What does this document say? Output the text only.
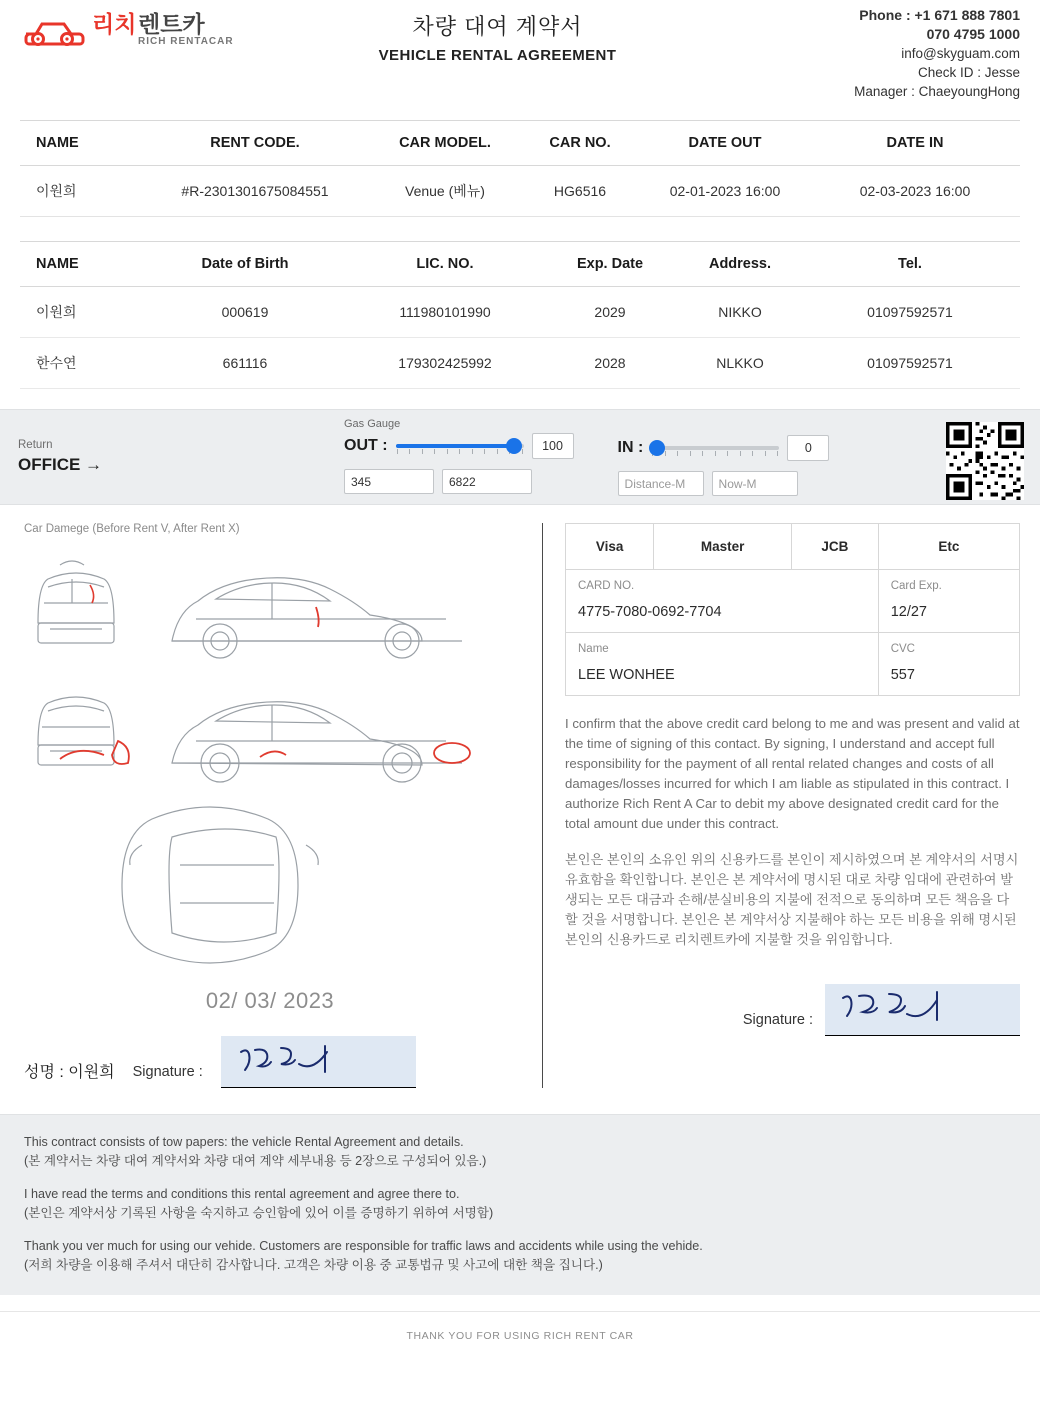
리치 렌트카
RICH RENTACAR
차량 대여 계약서
VEHICLE RENTAL AGREEMENT
Phone : +1 671 888 7801
070 4795 1000
info@skyguam.com
Check ID : Jesse
Manager : ChaeyoungHong
NAME	RENT CODE.	CAR MODEL.	CAR NO.	DATE OUT	DATE IN
이원희	#R-2301301675084551	Venue (베뉴)	HG6516	02-01-2023 16:00	02-03-2023 16:00
NAME	Date of Birth	LIC. NO.	Exp. Date	Address.	Tel.
이원희	000619	111980101990	2029	NIKKO	01097592571
한수연	661116	179302425992	2028	NLKKO	01097592571
Return
OFFICE →
Gas Gauge
OUT :	100
345	6822
IN :	0
Distance-M	Now-M
Car Damege (Before Rent V, After Rent X)
02/ 03/ 2023
성명 : 이원희 Signature :
Visa	Master	JCB	Etc

CARD NO.
4775-7080-0692-7704

Card Exp.
12/27

Name
LEE WONHEE

CVC
557
I confirm that the above credit card belong to me and was present and valid at the time of signing of this contact. By signing, I understand and accept full responsibility for the payment of all rental related changes and costs of all damages/losses incurred for which I am liable as stipulated in this contract. I authorize Rich Rent A Car to debit my above designated credit card for the total amount due under this contract.
본인은 본인의 소유인 위의 신용카드를 본인이 제시하였으며 본 계약서의 서명시 유효함을 확인합니다. 본인은 본 계약서에 명시된 대로 차량 임대에 관련하여 발생되는 모든 대금과 손해/분실비용의 지불에 전적으로 동의하며 모든 책음을 다할 것을 서명합니다. 본인은 본 계약서상 지불해야 하는 모든 비용을 위해 명시된 본인의 신용카드로 리치렌트카에 지불할 것을 위임합니다.
Signature :

This contract consists of tow papers: the vehicle Rental Agreement and details.
(본 계약서는 차량 대여 계약서와 차량 대여 계약 세부내용 등 2장으로 구성되어 있음.)

I have read the terms and conditions this rental agreement and agree there to.
(본인은 계약서상 기록된 사항을 숙지하고 승인함에 있어 이를 증명하기 위하여 서명함)

Thank you ver much for using our vehide. Customers are responsible for traffic laws and accidents while using the vehide.
(저희 차량을 이용해 주셔서 대단히 감사합니다. 고객은 차량 이용 중 교통법규 및 사고에 대한 책을 집니다.)

THANK YOU FOR USING RICH RENT CAR
